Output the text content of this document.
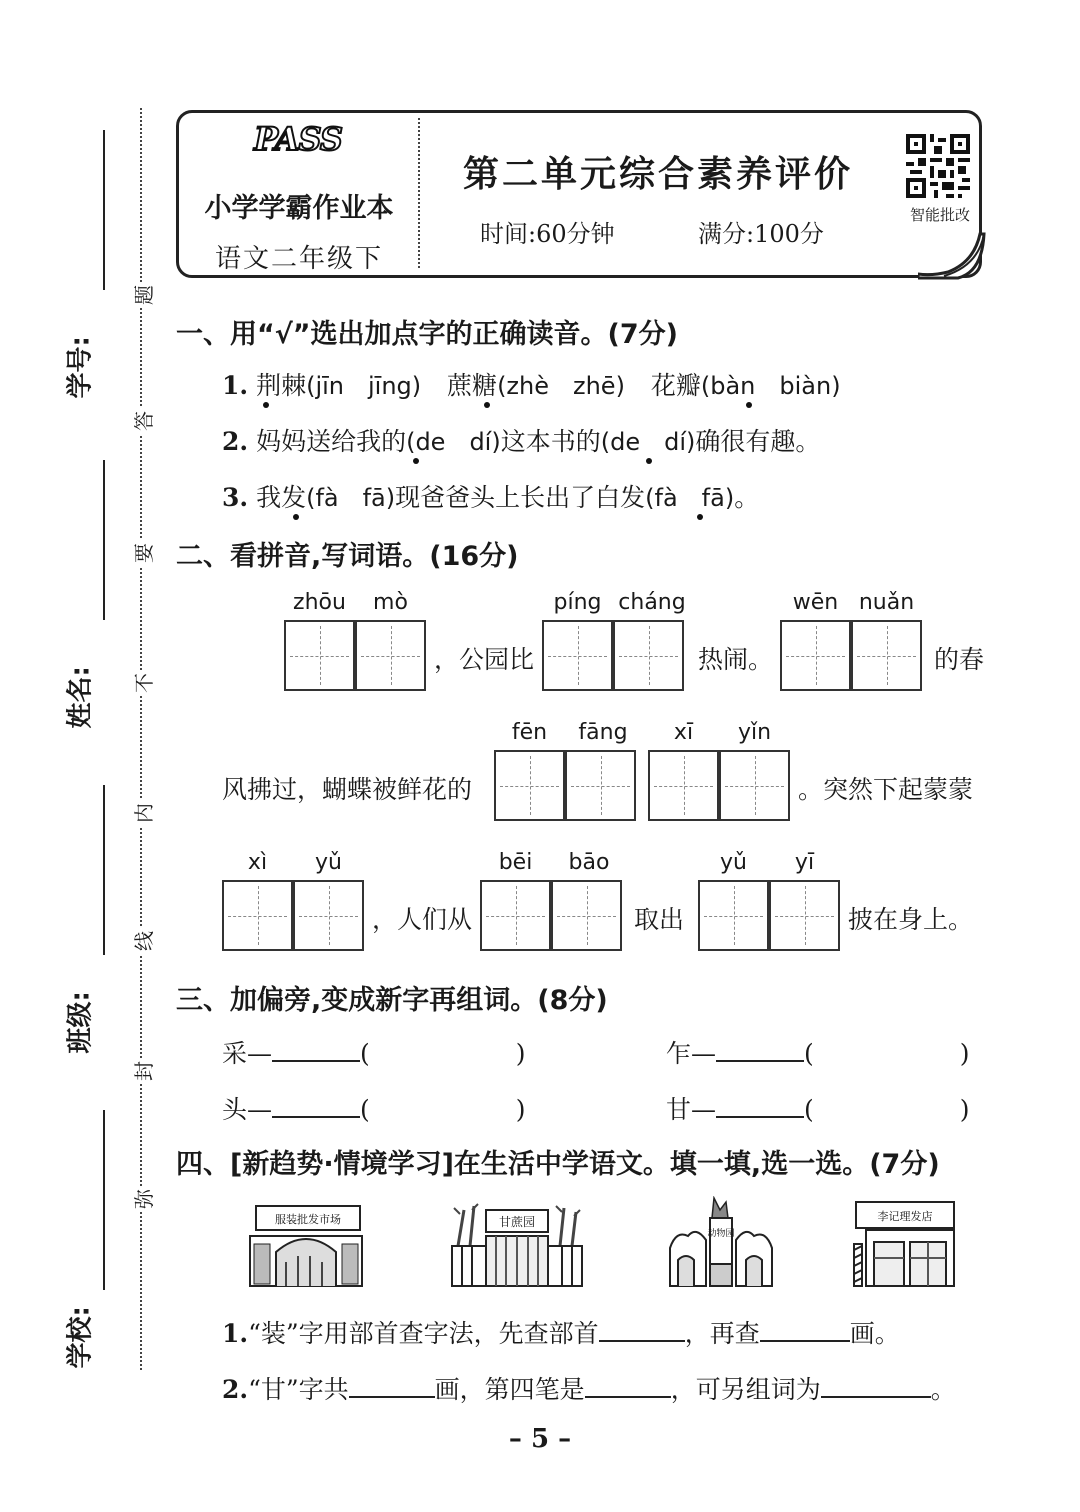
题
答
要
不
内
线
封
弥
学号:
姓名:
班级:
学校:
PASS
小学学霸作业本
语文二年级下
第二单元综合素养评价
时间:60分钟	满分:100分
智能批改
一、用“√”选出加点字的正确读音。(7分)
1. 荆棘(jīn　jīng) 蔗糖(zhè　zhē) 花瓣(bàn　biàn)
2. 妈妈送给我的(de　dí)这本书的(de　dí)确很有趣。
3. 我发(fà　fā)现爸爸头上长出了白发(fà　fā)。
二、看拼音,写词语。(16分)
zhōu	mò
，公园比
píng cháng
热闹。
wēn nuǎn
的春
风拂过，蝴蝶被鲜花的
fēn	fāng	xī	yǐn
。突然下起蒙蒙
xì	yǔ
，人们从
bēi	bāo
取出
yǔ	yī
披在身上。
三、加偏旁,变成新字再组词。(8分)
采—	(	)	乍—	(	)
头—	(	)	甘—	(	)
四、[新趋势·情境学习]在生活中学语文。填一填,选一选。(7分)
服装批发市场	甘蔗园
动物园
李记理发店
1.“装”字用部首查字法，先查部首	，再查	画。
2.“甘”字共	画，第四笔是	，可另组词为	。
– 5 –
